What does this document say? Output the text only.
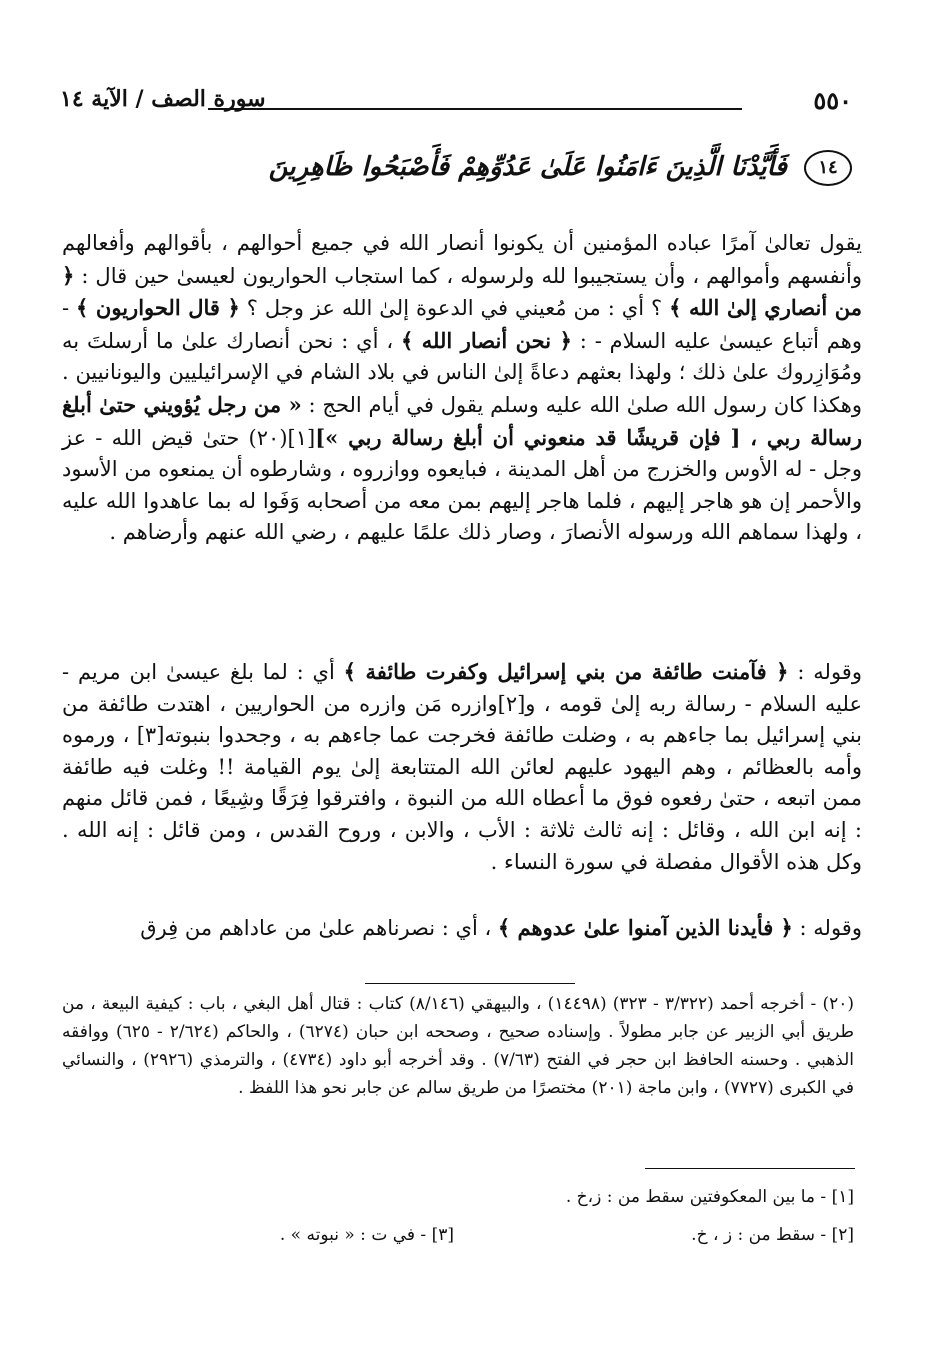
٥٥٠
سورة الصف / الآية ١٤
١٤ فَأَيَّدْنَا الَّذِينَ ءَامَنُوا عَلَىٰ عَدُوِّهِمْ فَأَصْبَحُوا ظَاهِرِينَ
يقول تعالىٰ آمرًا عباده المؤمنين أن يكونوا أنصار الله في جميع أحوالهم ، بأقوالهم وأفعالهم وأنفسهم وأموالهم ، وأن يستجيبوا لله ولرسوله ، كما استجاب الحواريون لعيسىٰ حين قال : ﴿ من أنصاري إلىٰ الله ﴾ ؟ أي : من مُعيني في الدعوة إلىٰ الله عز وجل ؟ ﴿ قال الحواريون ﴾ - وهم أتباع عيسىٰ عليه السلام - : ﴿ نحن أنصار الله ﴾ ، أي : نحن أنصارك علىٰ ما أرسلتَ به ومُوَازِروك علىٰ ذلك ؛ ولهذا بعثهم دعاةً إلىٰ الناس في بلاد الشام في الإسرائيليين واليونانيين . وهكذا كان رسول الله صلىٰ الله عليه وسلم يقول في أيام الحج : « من رجل يُؤويني حتىٰ أبلغ رسالة ربي ، [ فإن قريشًا قد منعوني أن أبلغ رسالة ربي »][١](٢٠) حتىٰ قيض الله - عز وجل - له الأوس والخزرج من أهل المدينة ، فبايعوه ووازروه ، وشارطوه أن يمنعوه من الأسود والأحمر إن هو هاجر إليهم ، فلما هاجر إليهم بمن معه من أصحابه وَفَوا له بما عاهدوا الله عليه ، ولهذا سماهم الله ورسوله الأنصارَ ، وصار ذلك علمًا عليهم ، رضي الله عنهم وأرضاهم .
وقوله : ﴿ فآمنت طائفة من بني إسرائيل وكفرت طائفة ﴾ أي : لما بلغ عيسىٰ ابن مريم - عليه السلام - رسالة ربه إلىٰ قومه ، و[٢]وازره مَن وازره من الحواريين ، اهتدت طائفة من بني إسرائيل بما جاءهم به ، وضلت طائفة فخرجت عما جاءهم به ، وجحدوا بنبوته[٣] ، ورموه وأمه بالعظائم ، وهم اليهود عليهم لعائن الله المتتابعة إلىٰ يوم القيامة !! وغلت فيه طائفة ممن اتبعه ، حتىٰ رفعوه فوق ما أعطاه الله من النبوة ، وافترقوا فِرَقًا وشِيعًا ، فمن قائل منهم : إنه ابن الله ، وقائل : إنه ثالث ثلاثة : الأب ، والابن ، وروح القدس ، ومن قائل : إنه الله . وكل هذه الأقوال مفصلة في سورة النساء .
وقوله : ﴿ فأيدنا الذين آمنوا علىٰ عدوهم ﴾ ، أي : نصرناهم علىٰ من عاداهم من فِرق
(٢٠) - أخرجه أحمد (٣/٣٢٢ - ٣٢٣) (١٤٤٩٨) ، والبيهقي (٨/١٤٦) كتاب : قتال أهل البغي ، باب : كيفية البيعة ، من طريق أبي الزبير عن جابر مطولاً . وإسناده صحيح ، وصححه ابن حبان (٦٢٧٤) ، والحاكم (٢/٦٢٤ - ٦٢٥) ووافقه الذهبي . وحسنه الحافظ ابن حجر في الفتح (٧/٦٣) . وقد أخرجه أبو داود (٤٧٣٤) ، والترمذي (٢٩٢٦) ، والنسائي في الكبرى (٧٧٢٧) ، وابن ماجة (٢٠١) مختصرًا من طريق سالم عن جابر نحو هذا اللفظ .
[١] - ما بين المعكوفتين سقط من : ز،خ .
[٢] - سقط من : ز ، خ.
[٣] - في ت : « نبوته » .
